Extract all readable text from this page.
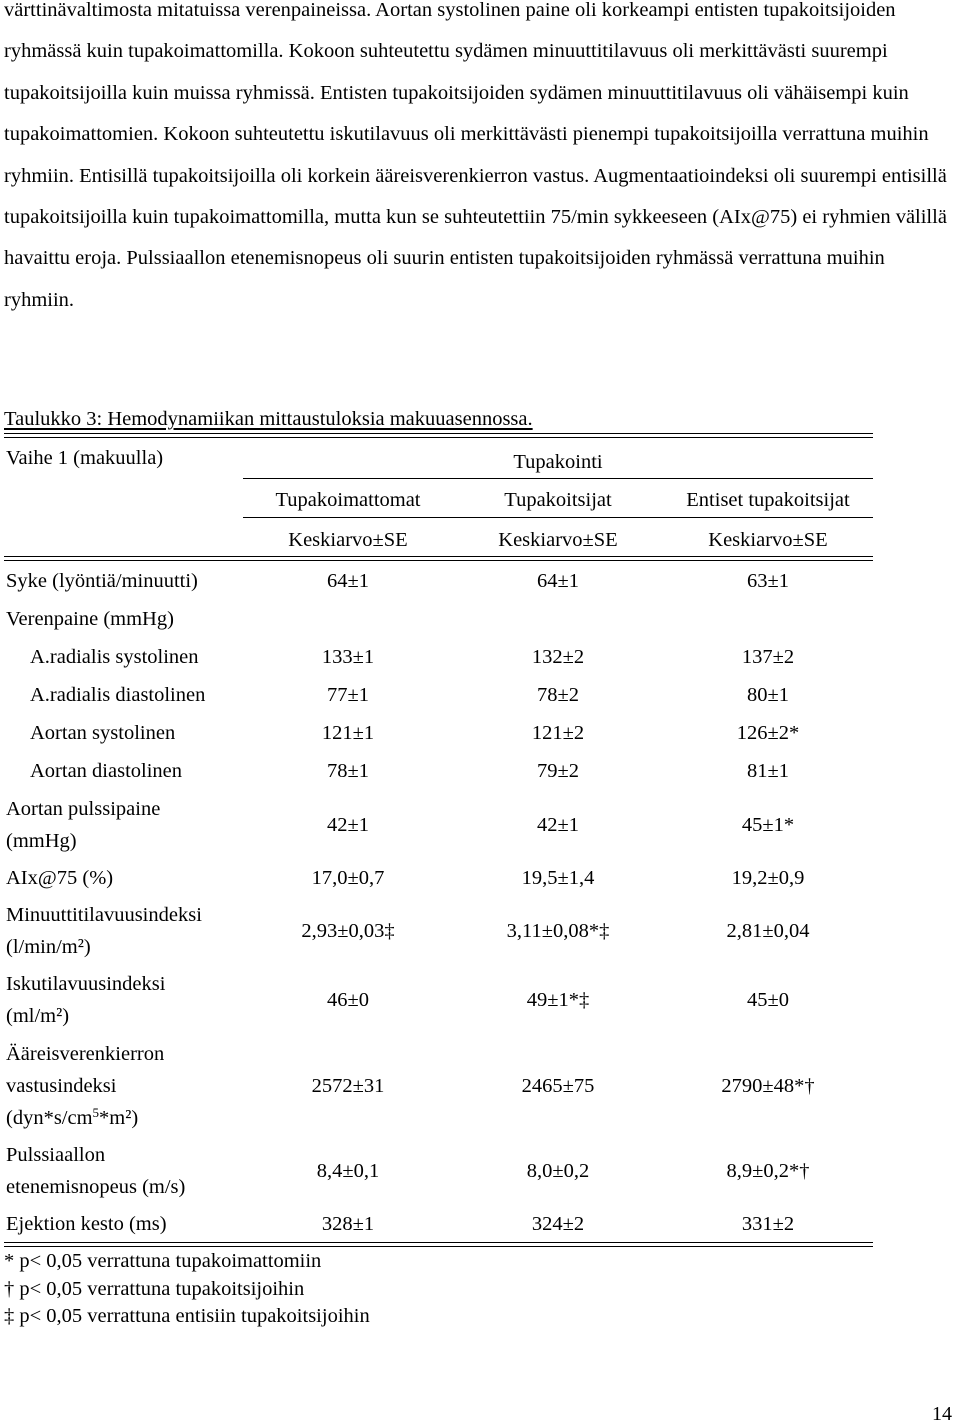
värttinävaltimosta mitatuissa verenpaineissa. Aortan systolinen paine oli korkeampi entisten tupakoitsijoiden ryhmässä kuin tupakoimattomilla. Kokoon suhteutettu sydämen minuuttitilavuus oli merkittävästi suurempi tupakoitsijoilla kuin muissa ryhmissä. Entisten tupakoitsijoiden sydämen minuuttitilavuus oli vähäisempi kuin tupakoimattomien. Kokoon suhteutettu iskutilavuus oli merkittävästi pienempi tupakoitsijoilla verrattuna muihin ryhmiin. Entisillä tupakoitsijoilla oli korkein ääreisverenkierron vastus. Augmentaatioindeksi oli suurempi entisillä tupakoitsijoilla kuin tupakoimattomilla, mutta kun se suhteutettiin 75/min sykkeeseen (AIx@75) ei ryhmien välillä havaittu eroja. Pulssiaallon etenemisnopeus oli suurin entisten tupakoitsijoiden ryhmässä verrattuna muihin ryhmiin.

Taulukko 3: Hemodynamiikan mittaustuloksia makuuasennossa.
Vaihe 1 (makuulla)	Tupakointi
Tupakoimattomat	Tupakoitsijat	Entiset tupakoitsijat
Keskiarvo±SE	Keskiarvo±SE	Keskiarvo±SE
Syke (lyöntiä/minuutti)	64±1	64±1	63±1
Verenpaine (mmHg)
A.radialis systolinen	133±1	132±2	137±2
A.radialis diastolinen	77±1	78±2	80±1
Aortan systolinen	121±1	121±2	126±2*
Aortan diastolinen	78±1	79±2	81±1
Aortan pulssipaine
(mmHg)
42±1	42±1	45±1*
AIx@75 (%)	17,0±0,7	19,5±1,4	19,2±0,9
Minuuttitilavuusindeksi
(l/min/m²)
2,93±0,03‡	3,11±0,08*‡	2,81±0,04
Iskutilavuusindeksi
(ml/m²)
46±0	49±1*‡	45±0
Ääreisverenkierron
vastusindeksi
$(dyn*s/cm^5*m^2)$
2572±31	2465±75	2790±48*†
Pulssiaallon
etenemisnopeus (m/s)
8,4±0,1	8,0±0,2	8,9±0,2*†
Ejektion kesto (ms)	328±1	324±2	331±2
* p< 0,05 verrattuna tupakoimattomiin
† p< 0,05 verrattuna tupakoitsijoihin
‡ p< 0,05 verrattuna entisiin tupakoitsijoihin
14
